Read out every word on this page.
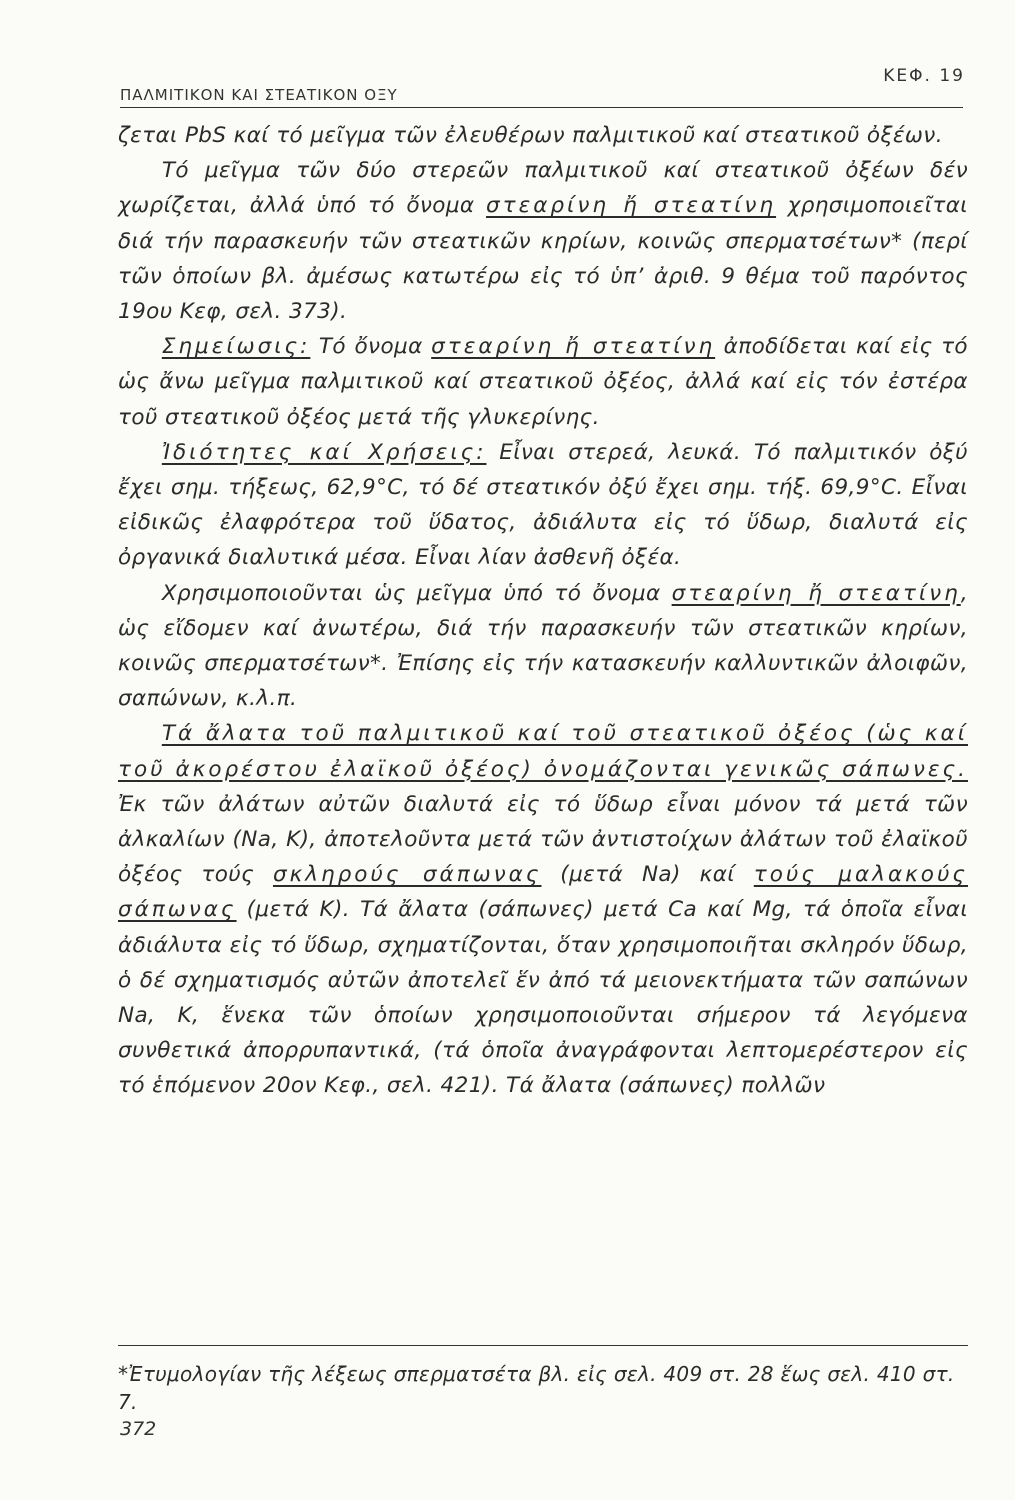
ΠΑΛΜΙΤΙΚΟΝ ΚΑΙ ΣΤΕΑΤΙΚΟΝ ΟΞΥ
ΚΕΦ. 19

ζεται PbS καί τό μεῖγμα τῶν ἐλευθέρων παλμιτικοῦ καί στεατικοῦ ὀξέων.

  Τό μεῖγμα τῶν δύο στερεῶν παλμιτικοῦ καί στεατικοῦ ὀξέων δέν χωρίζεται, ἀλλά ὑπό τό ὄνομα στεαρίνη ἤ στεατίνη χρησιμοποιεῖται διά τήν παρασκευήν τῶν στεατικῶν κηρίων, κοινῶς σπερματσέτων* (περί τῶν ὁποίων βλ. ἀμέσως κατωτέρω εἰς τό ὑπ’ ἀριθ. 9 θέμα τοῦ παρόντος 19ου Κεφ, σελ. 373).

  Σημείωσις: Τό ὄνομα στεαρίνη ἤ στεατίνη ἀποδίδεται καί εἰς τό ὡς ἄνω μεῖγμα παλμιτικοῦ καί στεατικοῦ ὀξέος, ἀλλά καί εἰς τόν ἐστέρα τοῦ στεατικοῦ ὀξέος μετά τῆς γλυκερίνης.

  Ἰδιότητες καί Χρήσεις: Εἶναι στερεά, λευκά. Τό παλμιτικόν ὀξύ ἔχει σημ. τήξεως, 62,9°C, τό δέ στεατικόν ὀξύ ἔχει σημ. τήξ. 69,9°C. Εἶναι εἰδικῶς ἐλαφρότερα τοῦ ὕδατος, ἀδιάλυτα εἰς τό ὕδωρ, διαλυτά εἰς ὀργανικά διαλυτικά μέσα. Εἶναι λίαν ἀσθενῆ ὀξέα.

  Χρησιμοποιοῦνται ὡς μεῖγμα ὑπό τό ὄνομα στεαρίνη ἤ στεατίνη, ὡς εἴδομεν καί ἀνωτέρω, διά τήν παρασκευήν τῶν στεατικῶν κηρίων, κοινῶς σπερματσέτων*. Ἐπίσης εἰς τήν κατασκευήν καλλυντικῶν ἀλοιφῶν, σαπώνων, κ.λ.π.

  Τά ἄλατα τοῦ παλμιτικοῦ καί τοῦ στεατικοῦ ὀξέος (ὡς καί τοῦ ἀκορέστου ἐλαϊκοῦ ὀξέος) ὀνομάζονται γενικῶς σάπωνες. Ἐκ τῶν ἀλάτων αὐτῶν διαλυτά εἰς τό ὕδωρ εἶναι μόνον τά μετά τῶν ἀλκαλίων (Na, K), ἀποτελοῦντα μετά τῶν ἀντιστοίχων ἀλάτων τοῦ ἐλαϊκοῦ ὀξέος τούς σκληρούς σάπωνας (μετά Na) καί τούς μαλακούς σάπωνας (μετά K). Τά ἄλατα (σάπωνες) μετά Ca καί Mg, τά ὁποῖα εἶναι ἀδιάλυτα εἰς τό ὕδωρ, σχηματίζονται, ὅταν χρησιμοποιῆται σκληρόν ὕδωρ, ὁ δέ σχηματισμός αὐτῶν ἀποτελεῖ ἕν ἀπό τά μειονεκτήματα τῶν σαπώνων Na, K, ἕνεκα τῶν ὁποίων χρησιμοποιοῦνται σήμερον τά λεγόμενα συνθετικά ἀπορρυπαντικά, (τά ὁποῖα ἀναγράφονται λεπτομερέστερον εἰς τό ἑπόμενον 20ον Κεφ., σελ. 421). Τά ἄλατα (σάπωνες) πολλῶν

*Ἐτυμολογίαν τῆς λέξεως σπερματσέτα βλ. εἰς σελ. 409 στ. 28 ἕως σελ. 410 στ. 7.
372
